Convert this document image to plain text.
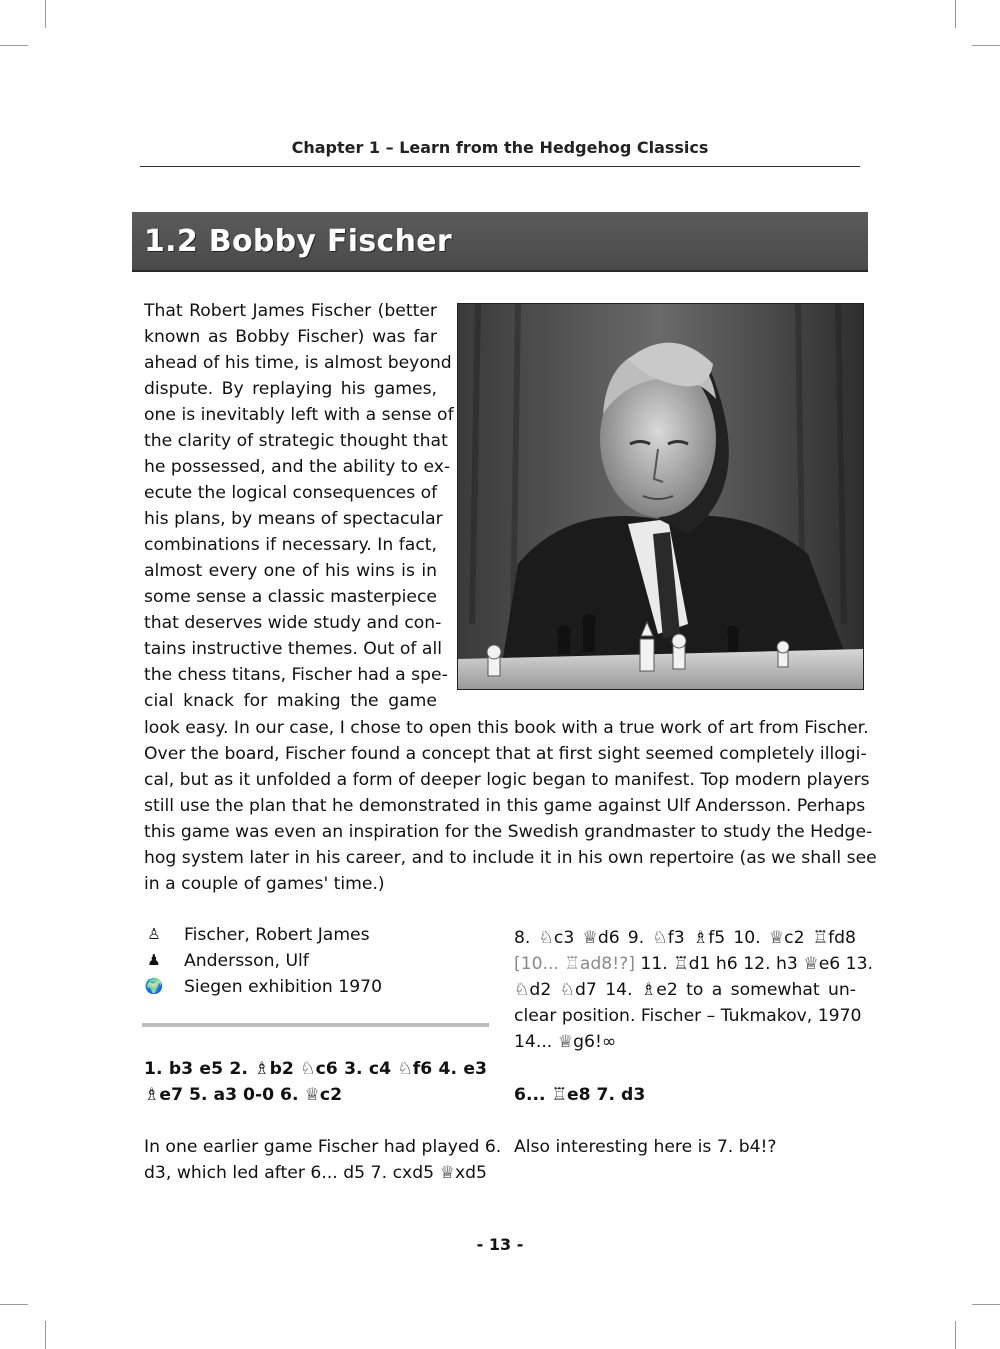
Chapter 1 – Learn from the Hedgehog Classics
1.2 Bobby Fischer
That Robert James Fischer (better
known as Bobby Fischer) was far
ahead of his time, is almost beyond
dispute. By replaying his games,
one is inevitably left with a sense of
the clarity of strategic thought that
he possessed, and the ability to ex-
ecute the logical consequences of
his plans, by means of spectacular
combinations if necessary. In fact,
almost every one of his wins is in
some sense a classic masterpiece
that deserves wide study and con-
tains instructive themes. Out of all
the chess titans, Fischer had a spe-
cial knack for making the game
look easy. In our case, I chose to open this book with a true work of art from Fischer.
Over the board, Fischer found a concept that at first sight seemed completely illogi-
cal, but as it unfolded a form of deeper logic began to manifest. Top modern players
still use the plan that he demonstrated in this game against Ulf Andersson. Perhaps
this game was even an inspiration for the Swedish grandmaster to study the Hedge-
hog system later in his career, and to include it in his own repertoire (as we shall see
in a couple of games' time.)
♙ Fischer, Robert James
♟ Andersson, Ulf
🌍 Siegen exhibition 1970
1. b3 e5 2. ♗b2 ♘c6 3. c4 ♘f6 4. e3
♗e7 5. a3 0-0 6. ♕c2
In one earlier game Fischer had played 6.
d3, which led after 6... d5 7. cxd5 ♕xd5
8. ♘c3 ♕d6 9. ♘f3 ♗f5 10. ♕c2 ♖fd8
[10... ♖ad8!?] 11. ♖d1 h6 12. h3 ♕e6 13.
♘d2 ♘d7 14. ♗e2 to a somewhat un-
clear position. Fischer – Tukmakov, 1970
14... ♕g6!∞
6... ♖e8 7. d3
Also interesting here is 7. b4!?
- 13 -
